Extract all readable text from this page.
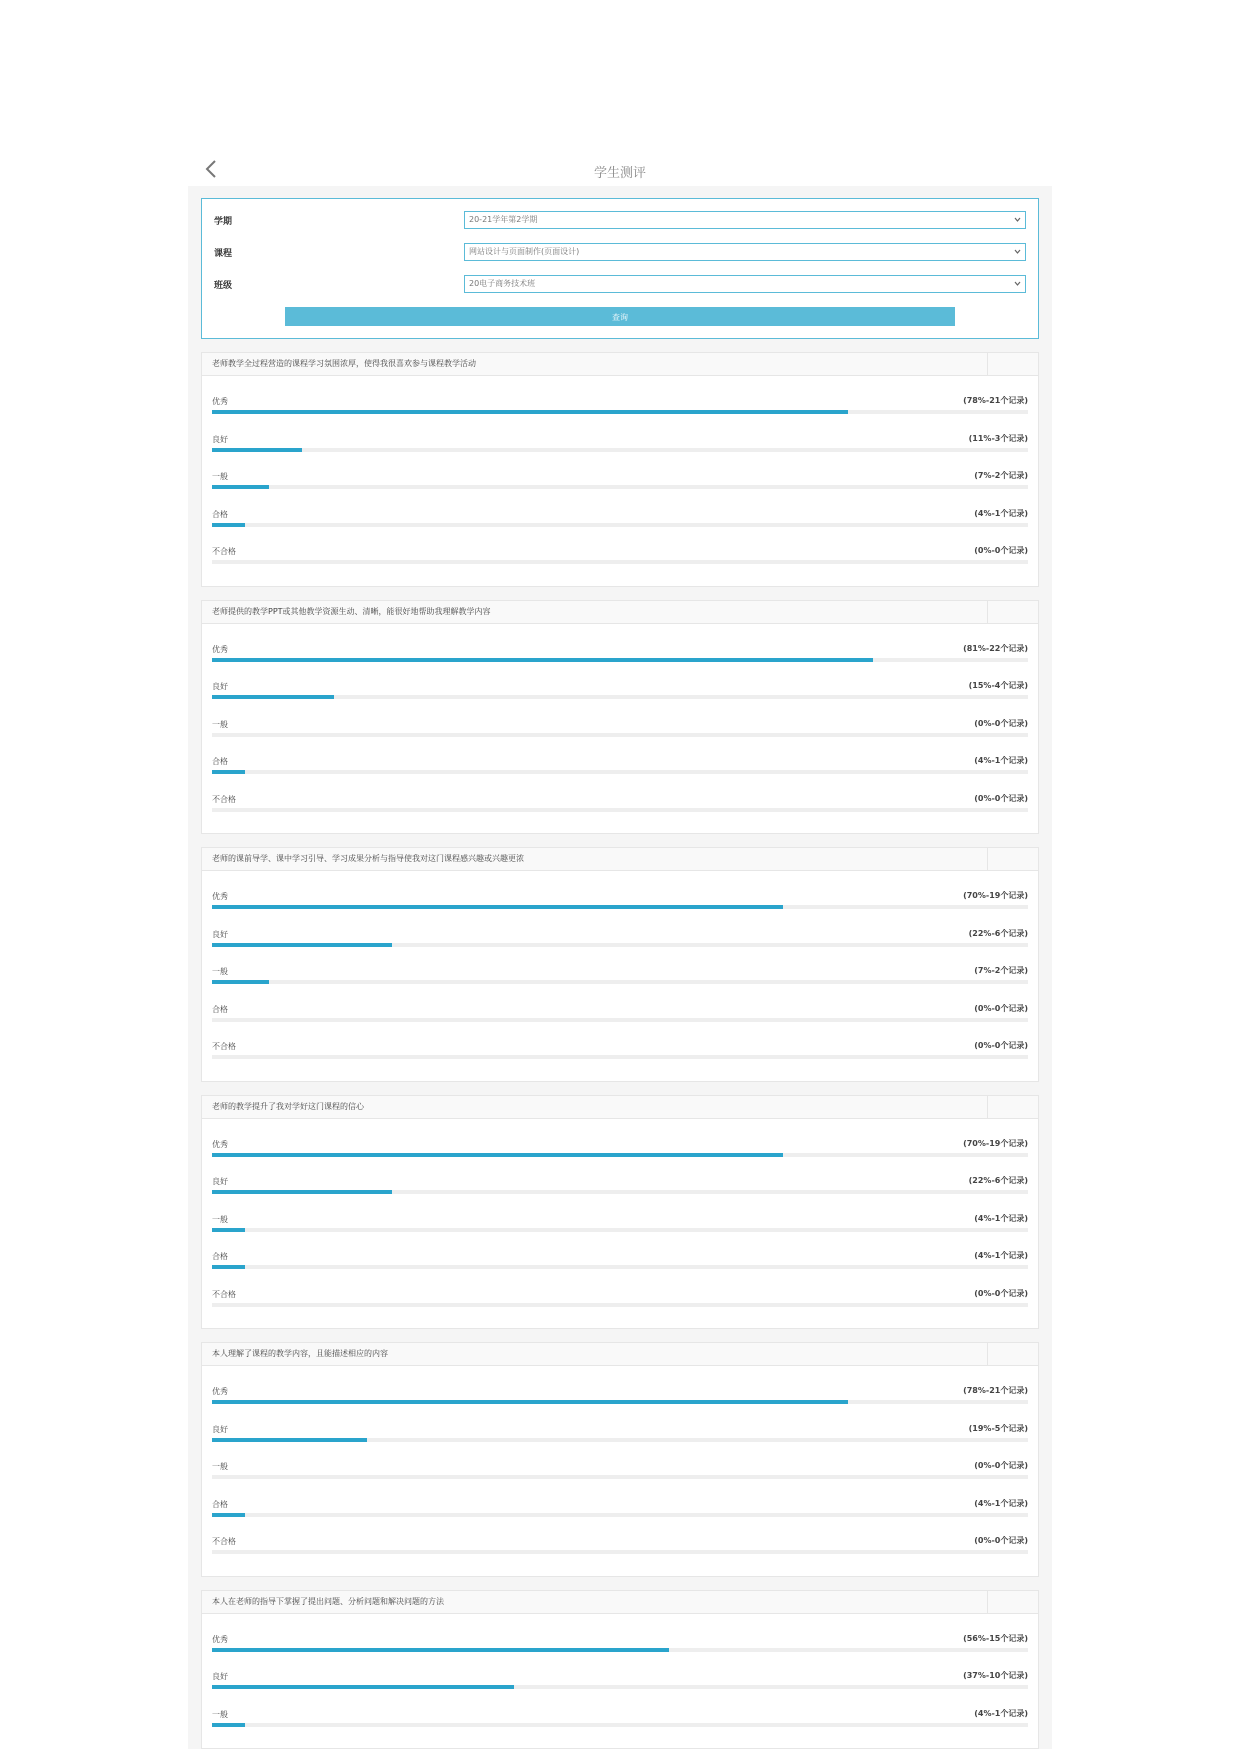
学生测评
学期	20-21学年第2学期
课程	网站设计与页面制作(页面设计)
班级	20电子商务技术班
查询
老师教学全过程营造的课程学习氛围浓厚，使得我很喜欢参与课程教学活动
优秀	(78%-21个记录)
良好	(11%-3个记录)
一般	(7%-2个记录)
合格	(4%-1个记录)
不合格	(0%-0个记录)
老师提供的教学PPT或其他教学资源生动、清晰，能很好地帮助我理解教学内容
优秀	(81%-22个记录)
良好	(15%-4个记录)
一般	(0%-0个记录)
合格	(4%-1个记录)
不合格	(0%-0个记录)
老师的课前导学、课中学习引导、学习成果分析与指导使我对这门课程感兴趣或兴趣更浓
优秀	(70%-19个记录)
良好	(22%-6个记录)
一般	(7%-2个记录)
合格	(0%-0个记录)
不合格	(0%-0个记录)
老师的教学提升了我对学好这门课程的信心
优秀	(70%-19个记录)
良好	(22%-6个记录)
一般	(4%-1个记录)
合格	(4%-1个记录)
不合格	(0%-0个记录)
本人理解了课程的教学内容，且能描述相应的内容
优秀	(78%-21个记录)
良好	(19%-5个记录)
一般	(0%-0个记录)
合格	(4%-1个记录)
不合格	(0%-0个记录)
本人在老师的指导下掌握了提出问题、分析问题和解决问题的方法
优秀	(56%-15个记录)
良好	(37%-10个记录)
一般	(4%-1个记录)
